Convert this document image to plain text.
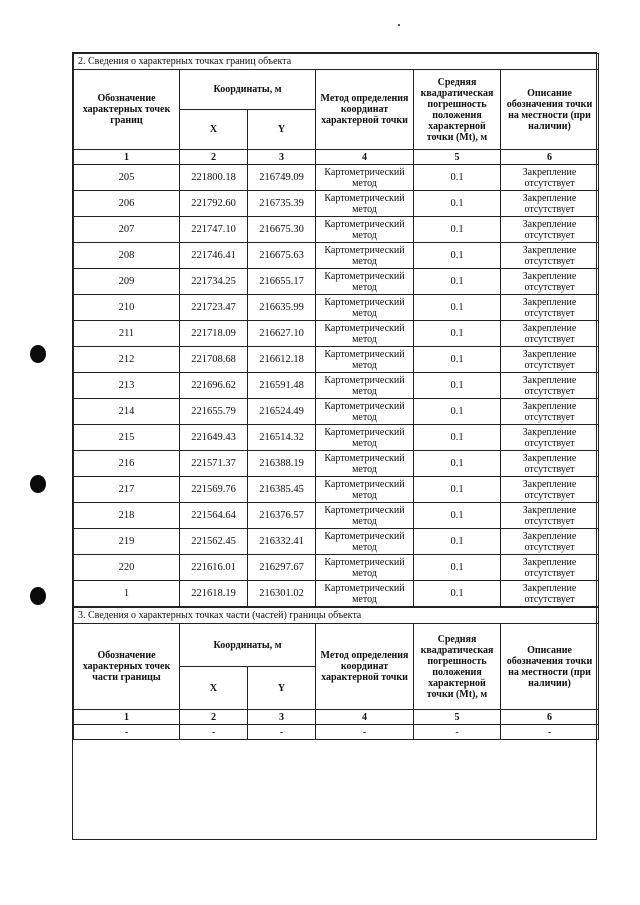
2. Сведения о характерных точках границ объекта					
Обозначение характерных точек границ	Координаты, м		Метод определения координат характерной точки	Средняя квадратическая погрешность положения характерной точки (Mt), м	Описание обозначения точки на местности (при наличии)
	X	Y			
1	2	3	4	5	6
205	221800.18	216749.09	Картометрический метод	0.1	Закрепление отсутствует
206	221792.60	216735.39	Картометрический метод	0.1	Закрепление отсутствует
207	221747.10	216675.30	Картометрический метод	0.1	Закрепление отсутствует
208	221746.41	216675.63	Картометрический метод	0.1	Закрепление отсутствует
209	221734.25	216655.17	Картометрический метод	0.1	Закрепление отсутствует
210	221723.47	216635.99	Картометрический метод	0.1	Закрепление отсутствует
211	221718.09	216627.10	Картометрический метод	0.1	Закрепление отсутствует
212	221708.68	216612.18	Картометрический метод	0.1	Закрепление отсутствует
213	221696.62	216591.48	Картометрический метод	0.1	Закрепление отсутствует
214	221655.79	216524.49	Картометрический метод	0.1	Закрепление отсутствует
215	221649.43	216514.32	Картометрический метод	0.1	Закрепление отсутствует
216	221571.37	216388.19	Картометрический метод	0.1	Закрепление отсутствует
217	221569.76	216385.45	Картометрический метод	0.1	Закрепление отсутствует
218	221564.64	216376.57	Картометрический метод	0.1	Закрепление отсутствует
219	221562.45	216332.41	Картометрический метод	0.1	Закрепление отсутствует
220	221616.01	216297.67	Картометрический метод	0.1	Закрепление отсутствует
1	221618.19	216301.02	Картометрический метод	0.1	Закрепление отсутствует
3. Сведения о характерных точках части (частей) границы объекта					
Обозначение характерных точек части границы	Координаты, м		Метод определения координат характерной точки	Средняя квадратическая погрешность положения характерной точки (Mt), м	Описание обозначения точки на местности (при наличии)
	X	Y			
1	2	3	4	5	6
-	-	-	-	-	-
